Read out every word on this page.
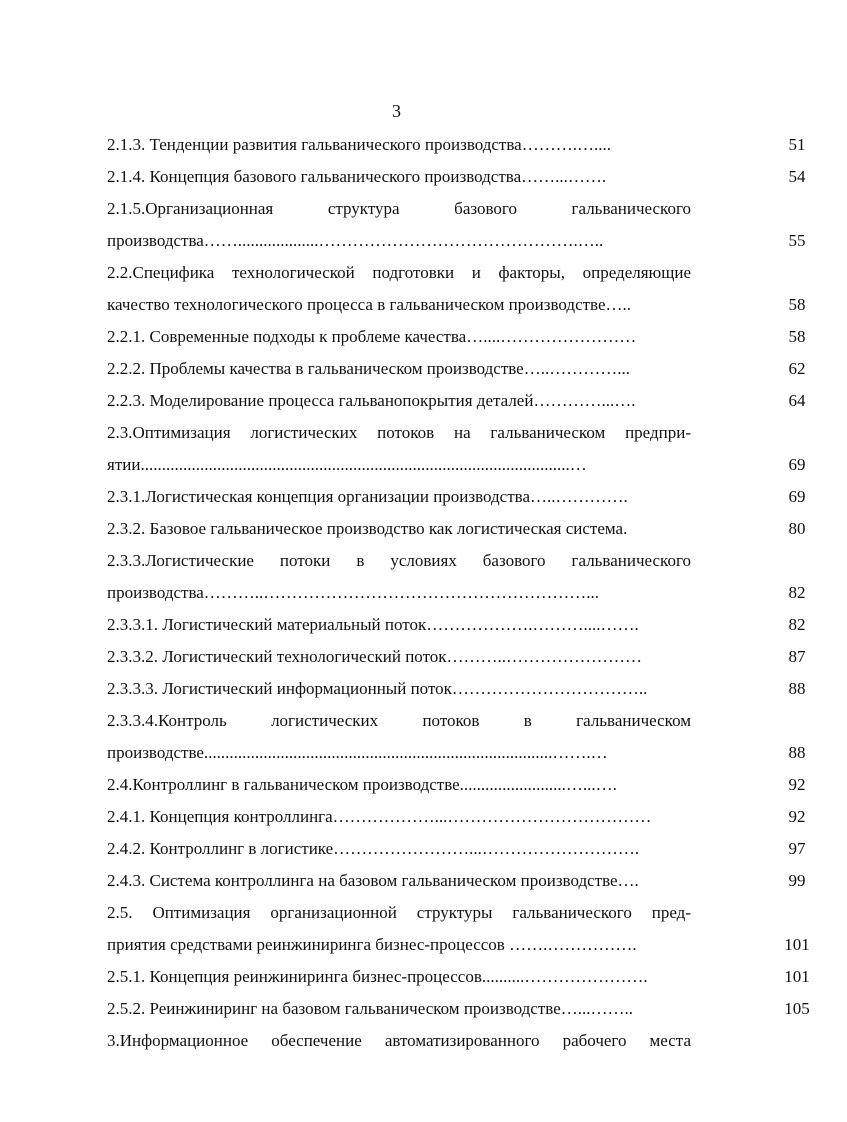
3
2.1.3. Тенденции развития гальванического производства……….…....	51
2.1.4. Концепция базового гальванического производства……...…….	54
2.1.5.Организационная структура базового гальванического
производства……...................……………………………………….…..	55
2.2.Специфика технологической подготовки и факторы, определяющие
качество технологического процесса в гальваническом производстве…..	58
2.2.1. Современные подходы к проблеме качества…....……………………	58
2.2.2. Проблемы качества в гальваническом производстве…..…………...	62
2.2.3. Моделирование процесса гальванопокрытия деталей…………...….	64
2.3.Оптимизация логистических потоков на гальваническом предпри-
ятии.....................................................................................................…	69
2.3.1.Логистическая концепция организации производства…..………….	69
2.3.2. Базовое гальваническое производство как логистическая система.	80
2.3.3.Логистические потоки в условиях базового гальванического
производства………..…………………………………………………...	82
2.3.3.1. Логистический материальный поток……………….………....…….	82
2.3.3.2. Логистический технологический поток………..……………………	87
2.3.3.3. Логистический информационный поток……………………………..	88
2.3.3.4.Контроль логистических потоков в гальваническом
производстве..................................................................................…….…	88
2.4.Контроллинг в гальваническом производстве.........................…...….	92
2.4.1. Концепция контроллинга………………...………………………………	92
2.4.2. Контроллинг в логистике……………………...……………………….	97
2.4.3. Система контроллинга на базовом гальваническом производстве….	99
2.5. Оптимизация организационной структуры гальванического пред-
приятия средствами реинжиниринга бизнес-процессов …….…………….	101
2.5.1. Концепция реинжиниринга бизнес-процессов..........………………….	101
2.5.2. Реинжиниринг на базовом гальваническом производстве…...……..	105
3.Информационное обеспечение автоматизированного рабочего места
